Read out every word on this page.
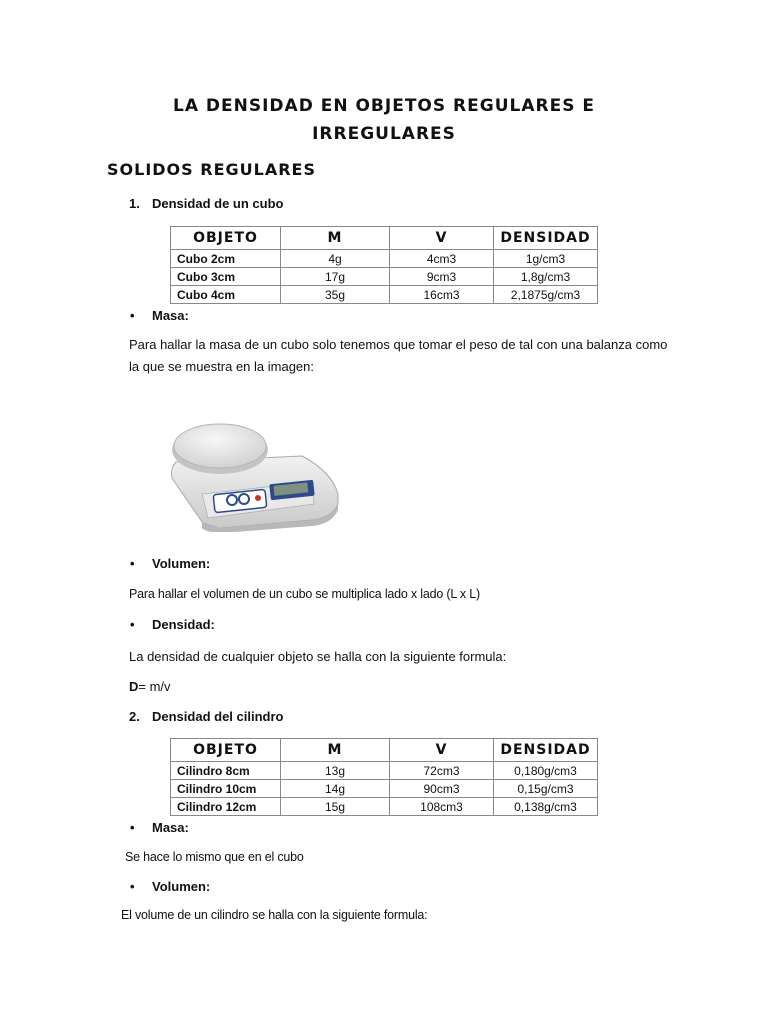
LA DENSIDAD EN OBJETOS REGULARES E
IRREGULARES
SOLIDOS REGULARES
1. Densidad de un cubo
OBJETO	M	V	DENSIDAD
Cubo 2cm	4g	4cm3	1g/cm3
Cubo 3cm	17g	9cm3	1,8g/cm3
Cubo 4cm	35g	16cm3	2,1875g/cm3
• Masa:
Para hallar la masa de un cubo solo tenemos que tomar el peso de tal con una balanza como la que se muestra en la imagen:
• Volumen:
Para hallar el volumen de un cubo se multiplica lado x lado (L x L)
• Densidad:
La densidad de cualquier objeto se halla con la siguiente formula:
D= m/v
2. Densidad del cilindro
OBJETO	M	V	DENSIDAD
Cilindro 8cm	13g	72cm3	0,180g/cm3
Cilindro 10cm	14g	90cm3	0,15g/cm3
Cilindro 12cm	15g	108cm3	0,138g/cm3
• Masa:
Se hace lo mismo que en el cubo
• Volumen:
El volume de un cilindro se halla con la siguiente formula:
